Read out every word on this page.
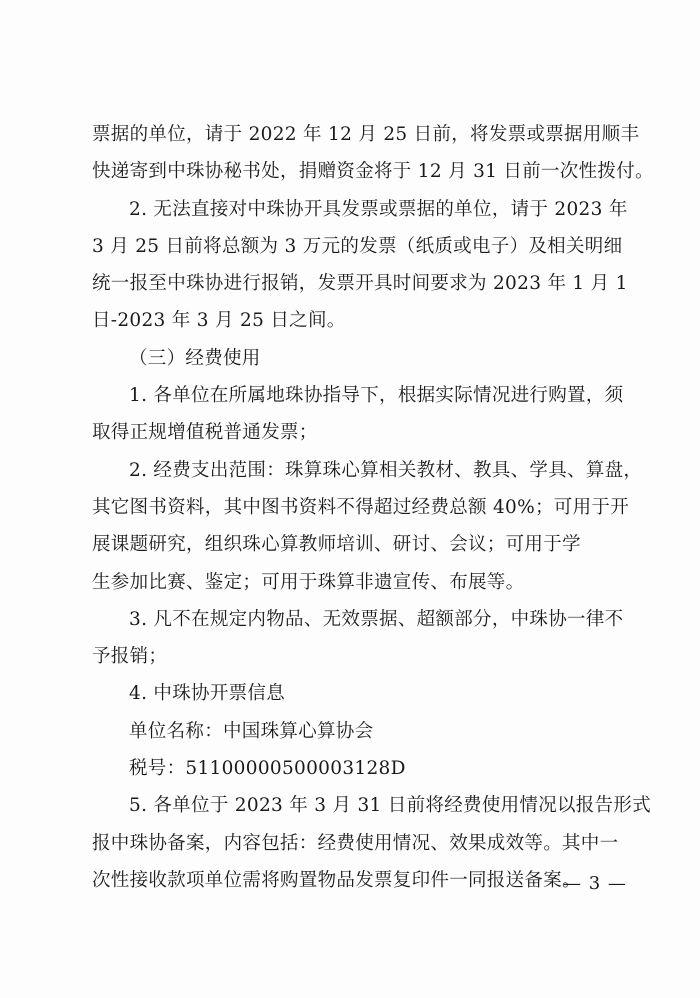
票据的单位，请于 2022 年 12 月 25 日前，将发票或票据用顺丰
快递寄到中珠协秘书处，捐赠资金将于 12 月 31 日前一次性拨付。
2. 无法直接对中珠协开具发票或票据的单位，请于 2023 年
3 月 25 日前将总额为 3 万元的发票（纸质或电子）及相关明细
统一报至中珠协进行报销，发票开具时间要求为 2023 年 1 月 1
日-2023 年 3 月 25 日之间。
（三）经费使用
1. 各单位在所属地珠协指导下，根据实际情况进行购置，须
取得正规增值税普通发票；
2. 经费支出范围：珠算珠心算相关教材、教具、学具、算盘，
其它图书资料，其中图书资料不得超过经费总额 40%；可用于开
展课题研究，组织珠心算教师培训、研讨、会议；可用于学
生参加比赛、鉴定；可用于珠算非遗宣传、布展等。
3. 凡不在规定内物品、无效票据、超额部分，中珠协一律不
予报销；
4. 中珠协开票信息
单位名称：中国珠算心算协会
税号：51100000500003128D
5. 各单位于 2023 年 3 月 31 日前将经费使用情况以报告形式
报中珠协备案，内容包括：经费使用情况、效果成效等。其中一
次性接收款项单位需将购置物品发票复印件一同报送备案。
— 3 —
